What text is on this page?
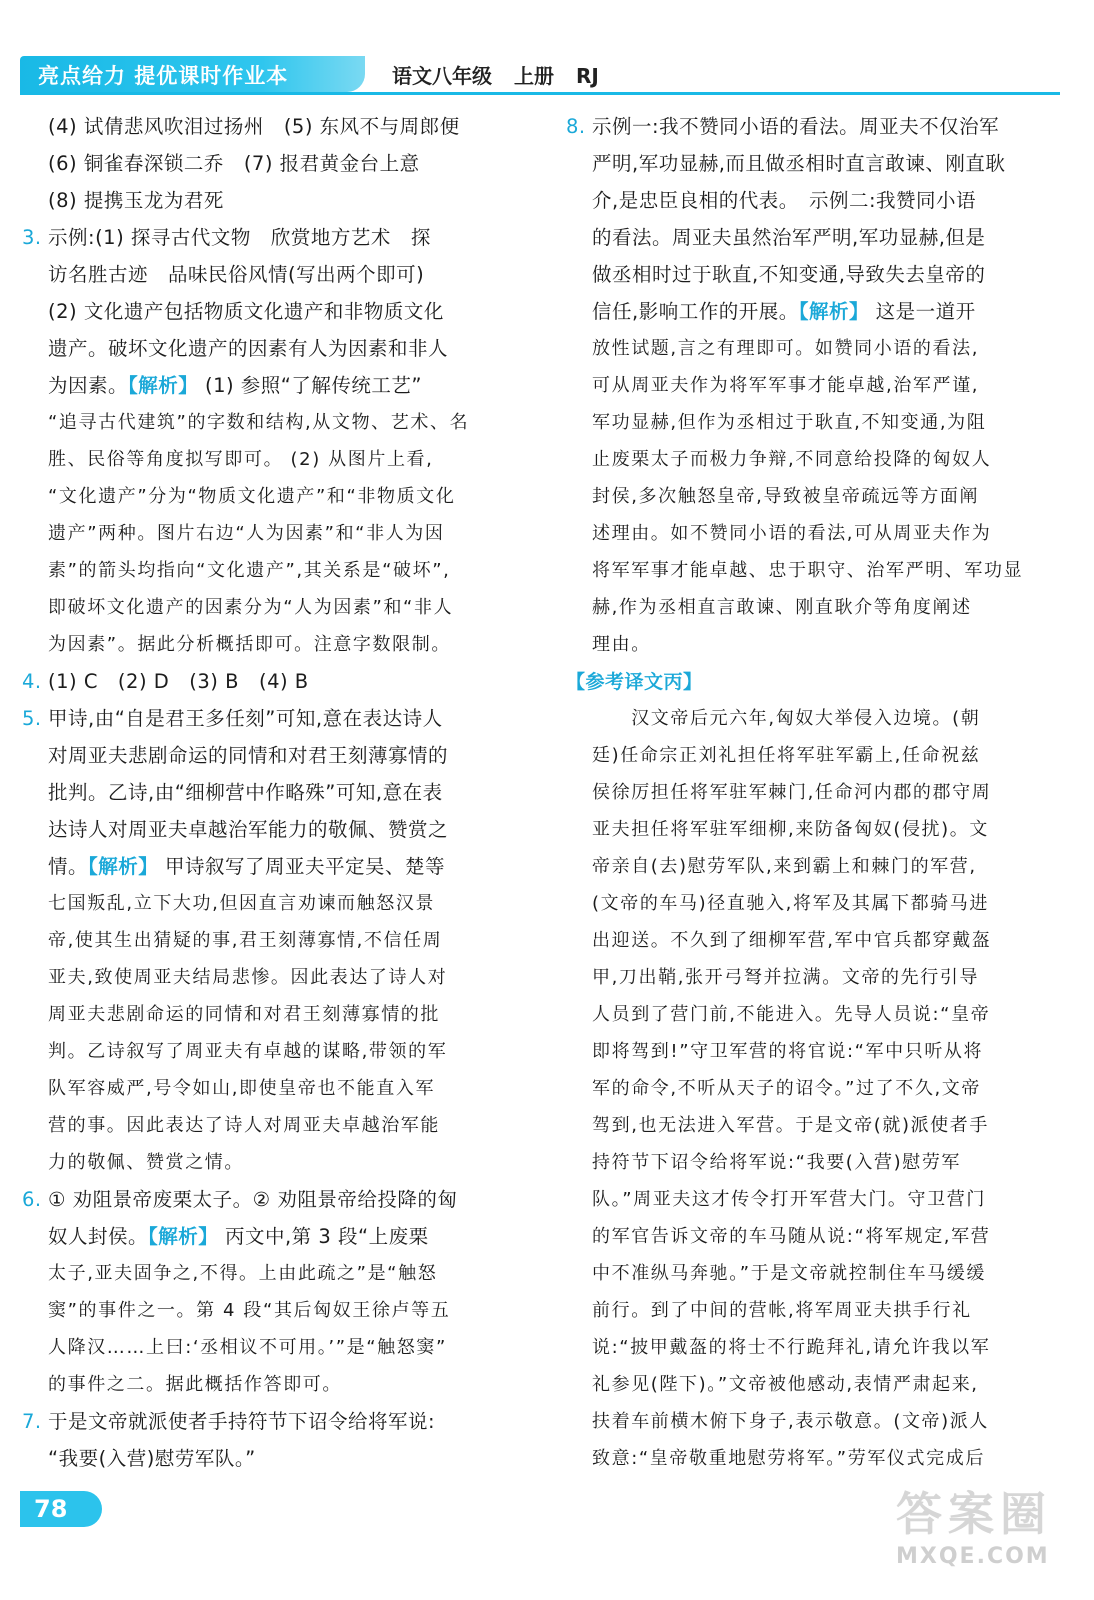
亮点给力 提优课时作业本	语文八年级 上册 RJ
(4) 试倩悲风吹泪过扬州　(5) 东风不与周郎便
(6) 铜雀春深锁二乔　(7) 报君黄金台上意
(8) 提携玉龙为君死
3. 示例:(1) 探寻古代文物　欣赏地方艺术　探
访名胜古迹　品味民俗风情(写出两个即可)
(2) 文化遗产包括物质文化遗产和非物质文化
遗产。破坏文化遗产的因素有人为因素和非人
为因素。【解析】 (1) 参照“了解传统工艺”
“追寻古代建筑”的字数和结构,从文物、艺术、名
胜、民俗等角度拟写即可。 (2) 从图片上看,
“文化遗产”分为“物质文化遗产”和“非物质文化
遗产”两种。图片右边“人为因素”和“非人为因
素”的箭头均指向“文化遗产”,其关系是“破坏”,
即破坏文化遗产的因素分为“人为因素”和“非人
为因素”。据此分析概括即可。注意字数限制。
4. (1) C　(2) D　(3) B　(4) B
5. 甲诗,由“自是君王多任刻”可知,意在表达诗人
对周亚夫悲剧命运的同情和对君王刻薄寡情的
批判。乙诗,由“细柳营中作略殊”可知,意在表
达诗人对周亚夫卓越治军能力的敬佩、赞赏之
情。【解析】 甲诗叙写了周亚夫平定吴、楚等
七国叛乱,立下大功,但因直言劝谏而触怒汉景
帝,使其生出猜疑的事,君王刻薄寡情,不信任周
亚夫,致使周亚夫结局悲惨。因此表达了诗人对
周亚夫悲剧命运的同情和对君王刻薄寡情的批
判。乙诗叙写了周亚夫有卓越的谋略,带领的军
队军容威严,号令如山,即使皇帝也不能直入军
营的事。因此表达了诗人对周亚夫卓越治军能
力的敬佩、赞赏之情。
6. ① 劝阻景帝废栗太子。② 劝阻景帝给投降的匈
奴人封侯。【解析】 丙文中,第 3 段“上废栗
太子,亚夫固争之,不得。上由此疏之”是“触怒
窦”的事件之一。第 4 段“其后匈奴王徐卢等五
人降汉……上曰:‘丞相议不可用。’”是“触怒窦”
的事件之二。据此概括作答即可。
7. 于是文帝就派使者手持符节下诏令给将军说:
“我要(入营)慰劳军队。”
8. 示例一:我不赞同小语的看法。周亚夫不仅治军
严明,军功显赫,而且做丞相时直言敢谏、刚直耿
介,是忠臣良相的代表。　示例二:我赞同小语
的看法。周亚夫虽然治军严明,军功显赫,但是
做丞相时过于耿直,不知变通,导致失去皇帝的
信任,影响工作的开展。【解析】 这是一道开
放性试题,言之有理即可。如赞同小语的看法,
可从周亚夫作为将军军事才能卓越,治军严谨,
军功显赫,但作为丞相过于耿直,不知变通,为阻
止废栗太子而极力争辩,不同意给投降的匈奴人
封侯,多次触怒皇帝,导致被皇帝疏远等方面阐
述理由。如不赞同小语的看法,可从周亚夫作为
将军军事才能卓越、忠于职守、治军严明、军功显
赫,作为丞相直言敢谏、刚直耿介等角度阐述
理由。
【参考译文丙】
　　汉文帝后元六年,匈奴大举侵入边境。(朝
廷)任命宗正刘礼担任将军驻军霸上,任命祝兹
侯徐厉担任将军驻军棘门,任命河内郡的郡守周
亚夫担任将军驻军细柳,来防备匈奴(侵扰)。文
帝亲自(去)慰劳军队,来到霸上和棘门的军营,
(文帝的车马)径直驰入,将军及其属下都骑马进
出迎送。不久到了细柳军营,军中官兵都穿戴盔
甲,刀出鞘,张开弓弩并拉满。文帝的先行引导
人员到了营门前,不能进入。先导人员说:“皇帝
即将驾到!”守卫军营的将官说:“军中只听从将
军的命令,不听从天子的诏令。”过了不久,文帝
驾到,也无法进入军营。于是文帝(就)派使者手
持符节下诏令给将军说:“我要(入营)慰劳军
队。”周亚夫这才传令打开军营大门。守卫营门
的军官告诉文帝的车马随从说:“将军规定,军营
中不准纵马奔驰。”于是文帝就控制住车马缓缓
前行。到了中间的营帐,将军周亚夫拱手行礼
说:“披甲戴盔的将士不行跪拜礼,请允许我以军
礼参见(陛下)。”文帝被他感动,表情严肃起来,
扶着车前横木俯下身子,表示敬意。(文帝)派人
致意:“皇帝敬重地慰劳将军。”劳军仪式完成后
78	答案圈
MXQE.COM
